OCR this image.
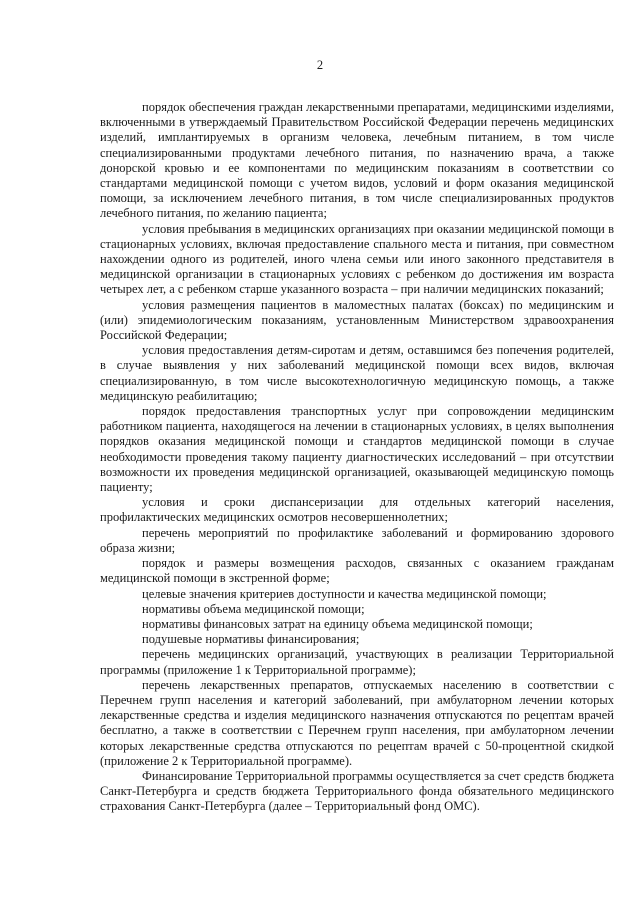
2

порядок обеспечения граждан лекарственными препаратами, медицинскими изделиями, включенными в утверждаемый Правительством Российской Федерации перечень медицинских изделий, имплантируемых в организм человека, лечебным питанием, в том числе специализированными продуктами лечебного питания, по назначению врача, а также донорской кровью и ее компонентами по медицинским показаниям в соответствии со стандартами медицинской помощи с учетом видов, условий и форм оказания медицинской помощи, за исключением лечебного питания, в том числе специализированных продуктов лечебного питания, по желанию пациента;

условия пребывания в медицинских организациях при оказании медицинской помощи в стационарных условиях, включая предоставление спального места и питания, при совместном нахождении одного из родителей, иного члена семьи или иного законного представителя в медицинской организации в стационарных условиях с ребенком до достижения им возраста четырех лет, а с ребенком старше указанного возраста – при наличии медицинских показаний;

условия размещения пациентов в маломестных палатах (боксах) по медицинским и (или) эпидемиологическим показаниям, установленным Министерством здравоохранения Российской Федерации;

условия предоставления детям-сиротам и детям, оставшимся без попечения родителей, в случае выявления у них заболеваний медицинской помощи всех видов, включая специализированную, в том числе высокотехнологичную медицинскую помощь, а также медицинскую реабилитацию;

порядок предоставления транспортных услуг при сопровождении медицинским работником пациента, находящегося на лечении в стационарных условиях, в целях выполнения порядков оказания медицинской помощи и стандартов медицинской помощи в случае необходимости проведения такому пациенту диагностических исследований – при отсутствии возможности их проведения медицинской организацией, оказывающей медицинскую помощь пациенту;

условия и сроки диспансеризации для отдельных категорий населения, профилактических медицинских осмотров несовершеннолетних;

перечень мероприятий по профилактике заболеваний и формированию здорового образа жизни;

порядок и размеры возмещения расходов, связанных с оказанием гражданам медицинской помощи в экстренной форме;

целевые значения критериев доступности и качества медицинской помощи;

нормативы объема медицинской помощи;

нормативы финансовых затрат на единицу объема медицинской помощи;

подушевые нормативы финансирования;

перечень медицинских организаций, участвующих в реализации Территориальной программы (приложение 1 к Территориальной программе);

перечень лекарственных препаратов, отпускаемых населению в соответствии с Перечнем групп населения и категорий заболеваний, при амбулаторном лечении которых лекарственные средства и изделия медицинского назначения отпускаются по рецептам врачей бесплатно, а также в соответствии с Перечнем групп населения, при амбулаторном лечении которых лекарственные средства отпускаются по рецептам врачей с 50-процентной скидкой (приложение 2 к Территориальной программе).

Финансирование Территориальной программы осуществляется за счет средств бюджета Санкт-Петербурга и средств бюджета Территориального фонда обязательного медицинского страхования Санкт-Петербурга (далее – Территориальный фонд ОМС).
